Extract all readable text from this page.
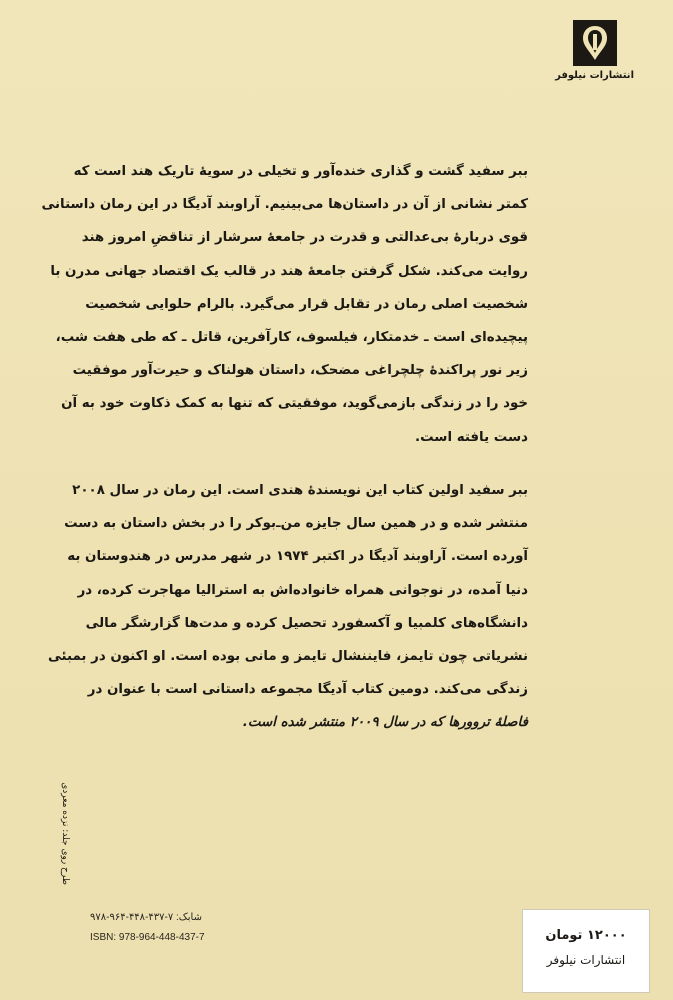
انتشارات نیلوفر
ببر سفید گشت و گذاری خنده‌آور و تخیلی در سویهٔ تاریک هند است که
کمتر نشانی از آن در داستان‌ها می‌بینیم. آراوبند آدیگا در این رمان داستانی
قوی دربارهٔ بی‌عدالتی و قدرت در جامعهٔ سرشار از تناقضِ امروز هند
روایت می‌کند. شکل گرفتن جامعهٔ هند در قالب یک اقتصاد جهانی مدرن با
شخصیت اصلی رمان در تقابل قرار می‌گیرد. بالرام حلوایی شخصیت
پیچیده‌ای است ـ خدمتکار، فیلسوف، کارآفرین، قاتل ـ که طی هفت شب،
زیر نور پراکندهٔ چلچراغی مضحک، داستان هولناک و حیرت‌آور موفقیت
خود را در زندگی بازمی‌گوید، موفقیتی که تنها به کمک ذکاوت خود به آن
دست یافته است.
ببر سفید اولین کتاب این نویسندهٔ هندی است. این رمان در سال ۲۰۰۸
منتشر شده و در همین سال جایزه من‌ـ‌بوکر را در بخش داستان به دست
آورده است. آراوبند آدیگا در اکتبر ۱۹۷۴ در شهر مدرس در هندوستان به
دنیا آمده، در نوجوانی همراه خانواده‌اش به استرالیا مهاجرت کرده، در
دانشگاه‌های کلمبیا و آکسفورد تحصیل کرده و مدت‌ها گزارشگر مالی
نشریاتی چون تایمز، فایننشال تایمز و مانی بوده است. او اکنون در بمبئی
زندگی می‌کند. دومین کتاب آدیگا مجموعه داستانی است با عنوان در
فاصلهٔ تروورها که در سال ۲۰۰۹ منتشر شده است.
طرح روی جلد: نزده معردی
شابک: ۷-۴۳۷-۴۴۸-۹۶۴-۹۷۸
ISBN: 978-964-448-437-7	۱۲۰۰۰ تومان
انتشارات نیلوفر
